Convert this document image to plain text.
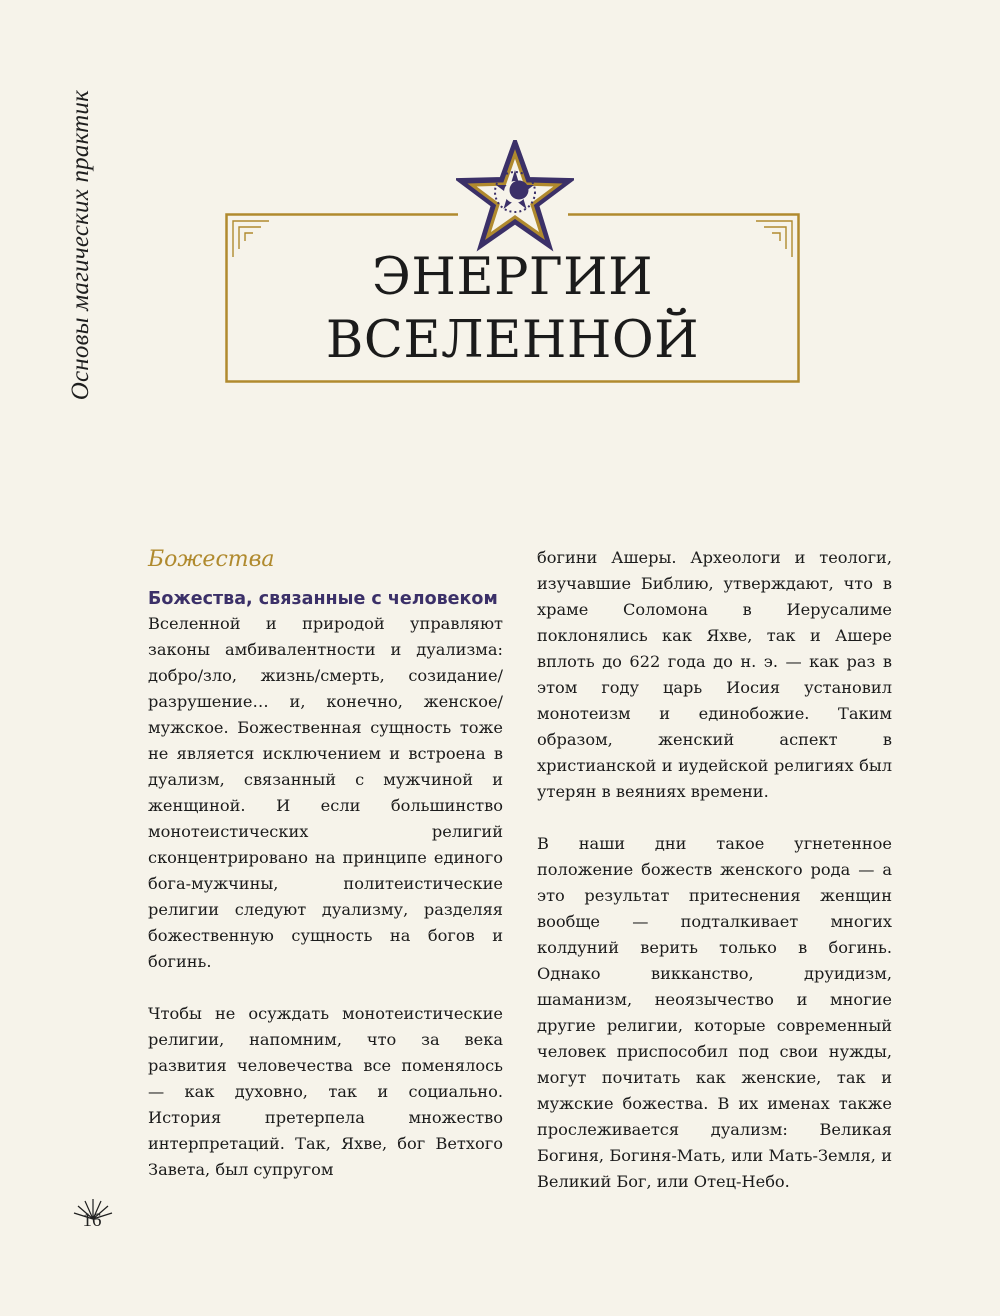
Основы магических практик	ЭНЕРГИИ
ВСЕЛЕННОЙ
Божества
Божества, связанные с человеком

Вселенной и природой управляют законы амбивалентности и дуализма: добро/зло, жизнь/смерть, созидание/разрушение… и, конечно, женское/мужское. Божественная сущность тоже не является исключением и встроена в дуализм, связанный с мужчиной и женщиной. И если большинство монотеистических религий сконцентрировано на принципе единого бога-мужчины, политеистические религии следуют дуализму, разделяя божественную сущность на богов и богинь.

Чтобы не осуждать монотеистические религии, напомним, что за века развития человечества все поменялось — как духовно, так и социально. История претерпела множество интерпретаций. Так, Яхве, бог Ветхого Завета, был супругом

богини Ашеры. Археологи и теологи, изучавшие Библию, утверждают, что в храме Соломона в Иерусалиме поклонялись как Яхве, так и Ашере вплоть до 622 года до н. э. — как раз в этом году царь Иосия установил монотеизм и единобожие. Таким образом, женский аспект в христианской и иудейской религиях был утерян в веяниях времени.

В наши дни такое угнетенное положение божеств женского рода — а это результат притеснения женщин вообще — подталкивает многих колдуний верить только в богинь. Однако викканство, друидизм, шаманизм, неоязычество и многие другие религии, которые современный человек приспособил под свои нужды, могут почитать как женские, так и мужские божества. В их именах также прослеживается дуализм: Великая Богиня, Богиня-Мать, или Мать-Земля, и Великий Бог, или Отец-Небо.

16
